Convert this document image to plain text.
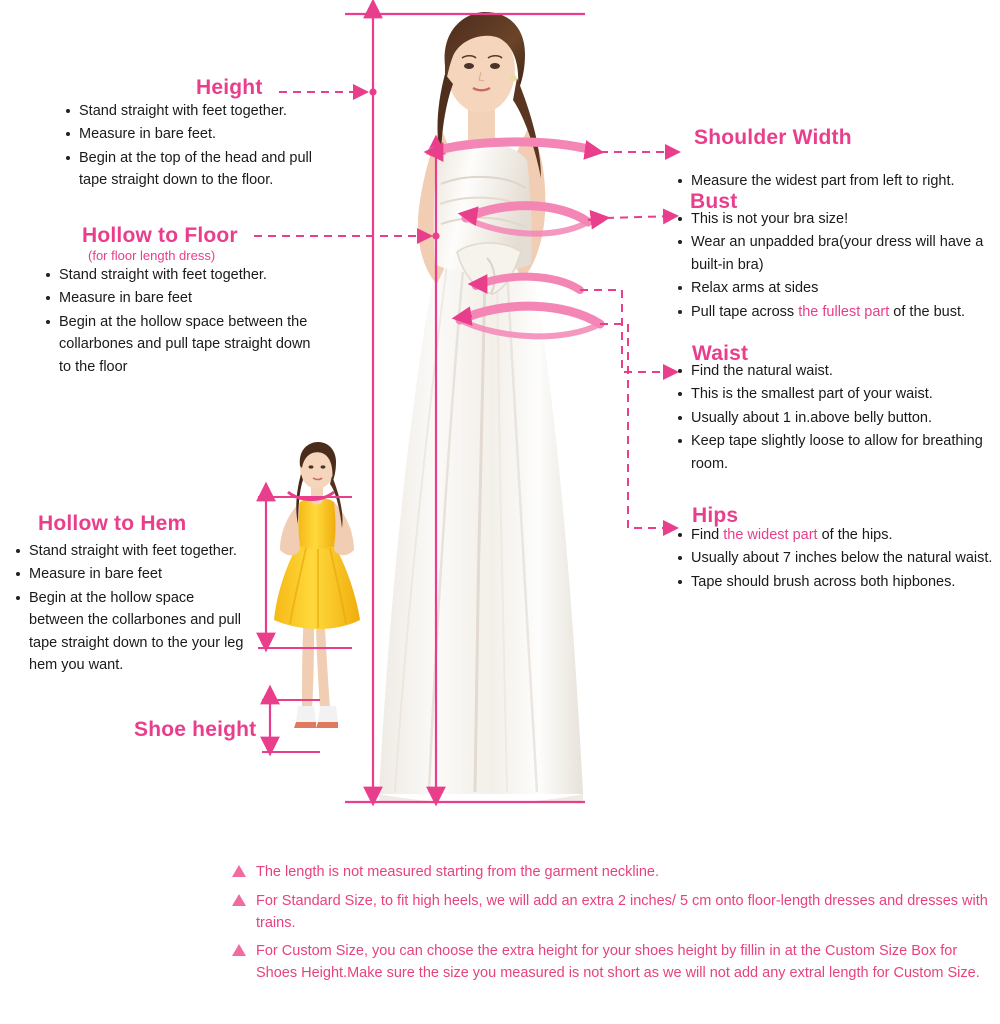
Height
Stand straight with feet together.
Measure in bare feet.
Begin at the top of the head and pull tape straight down to the floor.
Hollow to Floor
(for floor length dress)
Stand straight with feet together.
Measure in bare feet
Begin at the hollow space between the collarbones and pull tape straight down to the floor
Hollow to Hem
Stand straight with feet together.
Measure in bare feet
Begin at the hollow space between the collarbones and pull tape straight down to the your leg hem you want.
Shoe height
Shoulder Width
Measure the widest part from left to right.
Bust
This is not your bra size!
Wear an unpadded bra(your dress will have a built-in bra)
Relax arms at sides
Pull tape across the fullest part of the bust.
Waist
Find the natural waist.
This is the smallest part of your waist.
Usually about 1 in.above belly button.
Keep tape slightly loose to allow for breathing room.
Hips
Find the widest part of the hips.
Usually about 7 inches below the natural waist.
Tape should brush across both hipbones.
The length is not measured starting from the garment neckline.
For Standard Size, to fit high heels, we will add an extra 2 inches/ 5 cm onto floor-length dresses and dresses with trains.
For Custom Size, you can choose the extra height for your shoes height by fillin in at the Custom Size Box for Shoes Height.Make sure the size you measured is not short as we will not add any extral length for Custom Size.
